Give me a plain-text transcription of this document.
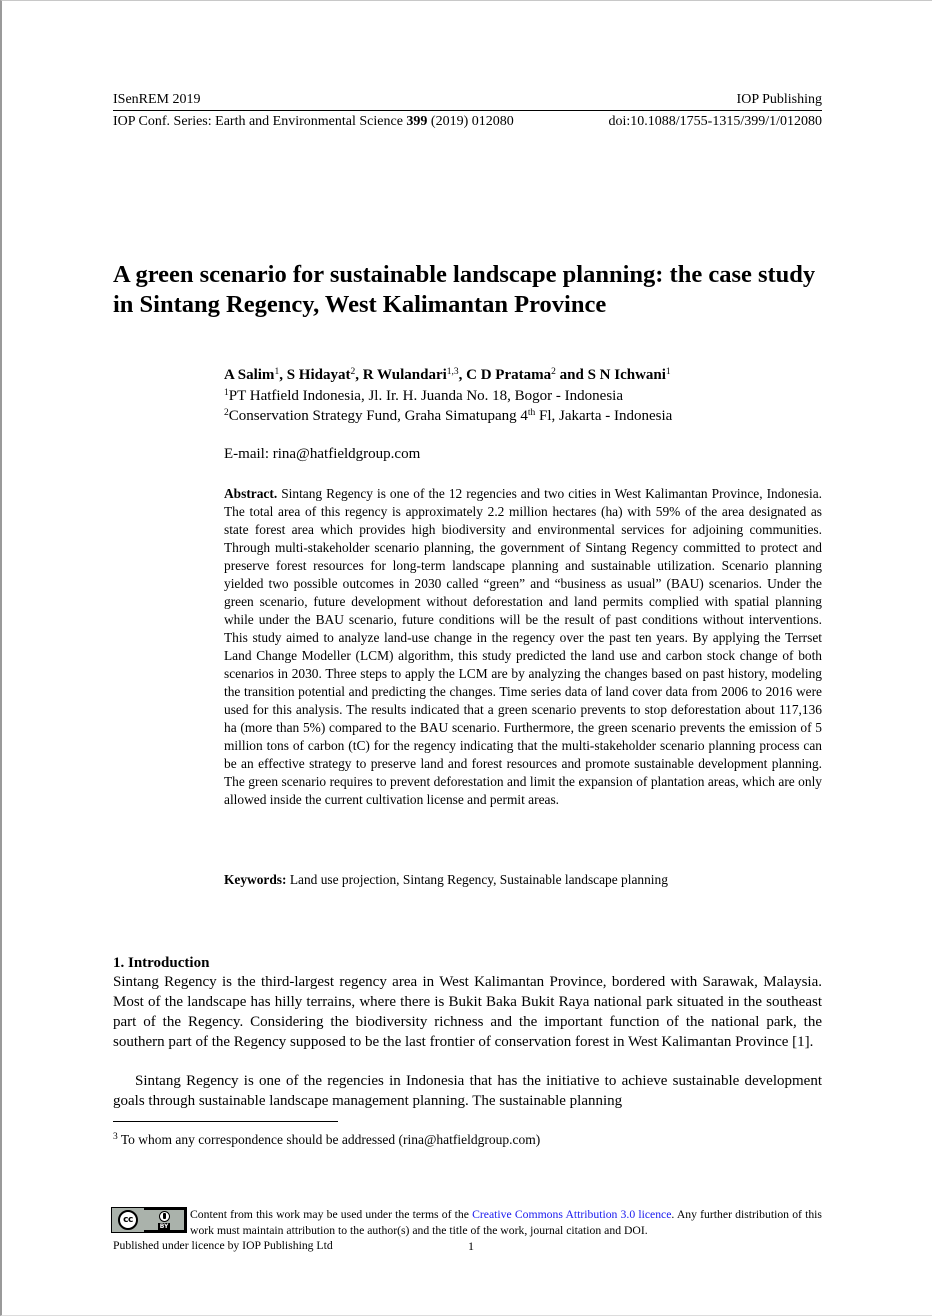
ISenREM 2019	IOP Publishing
IOP Conf. Series: Earth and Environmental Science 399 (2019) 012080	doi:10.1088/1755-1315/399/1/012080
A green scenario for sustainable landscape planning: the case study in Sintang Regency, West Kalimantan Province
A Salim$^1$, S Hidayat$^2$, R Wulandari$^{1,3}$, C D Pratama$^2$ and S N Ichwani$^1$
$^1$PT Hatfield Indonesia, Jl. Ir. H. Juanda No. 18, Bogor - Indonesia
$^2$Conservation Strategy Fund, Graha Simatupang 4th Fl, Jakarta - Indonesia
E-mail: rina@hatfieldgroup.com
Abstract. Sintang Regency is one of the 12 regencies and two cities in West Kalimantan Province, Indonesia. The total area of this regency is approximately 2.2 million hectares (ha) with 59% of the area designated as state forest area which provides high biodiversity and environmental services for adjoining communities. Through multi-stakeholder scenario planning, the government of Sintang Regency committed to protect and preserve forest resources for long-term landscape planning and sustainable utilization. Scenario planning yielded two possible outcomes in 2030 called “green” and “business as usual” (BAU) scenarios. Under the green scenario, future development without deforestation and land permits complied with spatial planning while under the BAU scenario, future conditions will be the result of past conditions without interventions. This study aimed to analyze land-use change in the regency over the past ten years. By applying the Terrset Land Change Modeller (LCM) algorithm, this study predicted the land use and carbon stock change of both scenarios in 2030. Three steps to apply the LCM are by analyzing the changes based on past history, modeling the transition potential and predicting the changes. Time series data of land cover data from 2006 to 2016 were used for this analysis. The results indicated that a green scenario prevents to stop deforestation about 117,136 ha (more than 5%) compared to the BAU scenario. Furthermore, the green scenario prevents the emission of 5 million tons of carbon (tC) for the regency indicating that the multi-stakeholder scenario planning process can be an effective strategy to preserve land and forest resources and promote sustainable development planning. The green scenario requires to prevent deforestation and limit the expansion of plantation areas, which are only allowed inside the current cultivation license and permit areas.
Keywords: Land use projection, Sintang Regency, Sustainable landscape planning
1. Introduction
Sintang Regency is the third-largest regency area in West Kalimantan Province, bordered with Sarawak, Malaysia. Most of the landscape has hilly terrains, where there is Bukit Baka Bukit Raya national park situated in the southeast part of the Regency. Considering the biodiversity richness and the important function of the national park, the southern part of the Regency supposed to be the last frontier of conservation forest in West Kalimantan Province [1].
Sintang Regency is one of the regencies in Indonesia that has the initiative to achieve sustainable development goals through sustainable landscape management planning. The sustainable planning
$^3$ To whom any correspondence should be addressed (rina@hatfieldgroup.com)
cc
BY
Content from this work may be used under the terms of the Creative Commons Attribution 3.0 licence. Any further distribution of this work must maintain attribution to the author(s) and the title of the work, journal citation and DOI.
Published under licence by IOP Publishing Ltd	1
